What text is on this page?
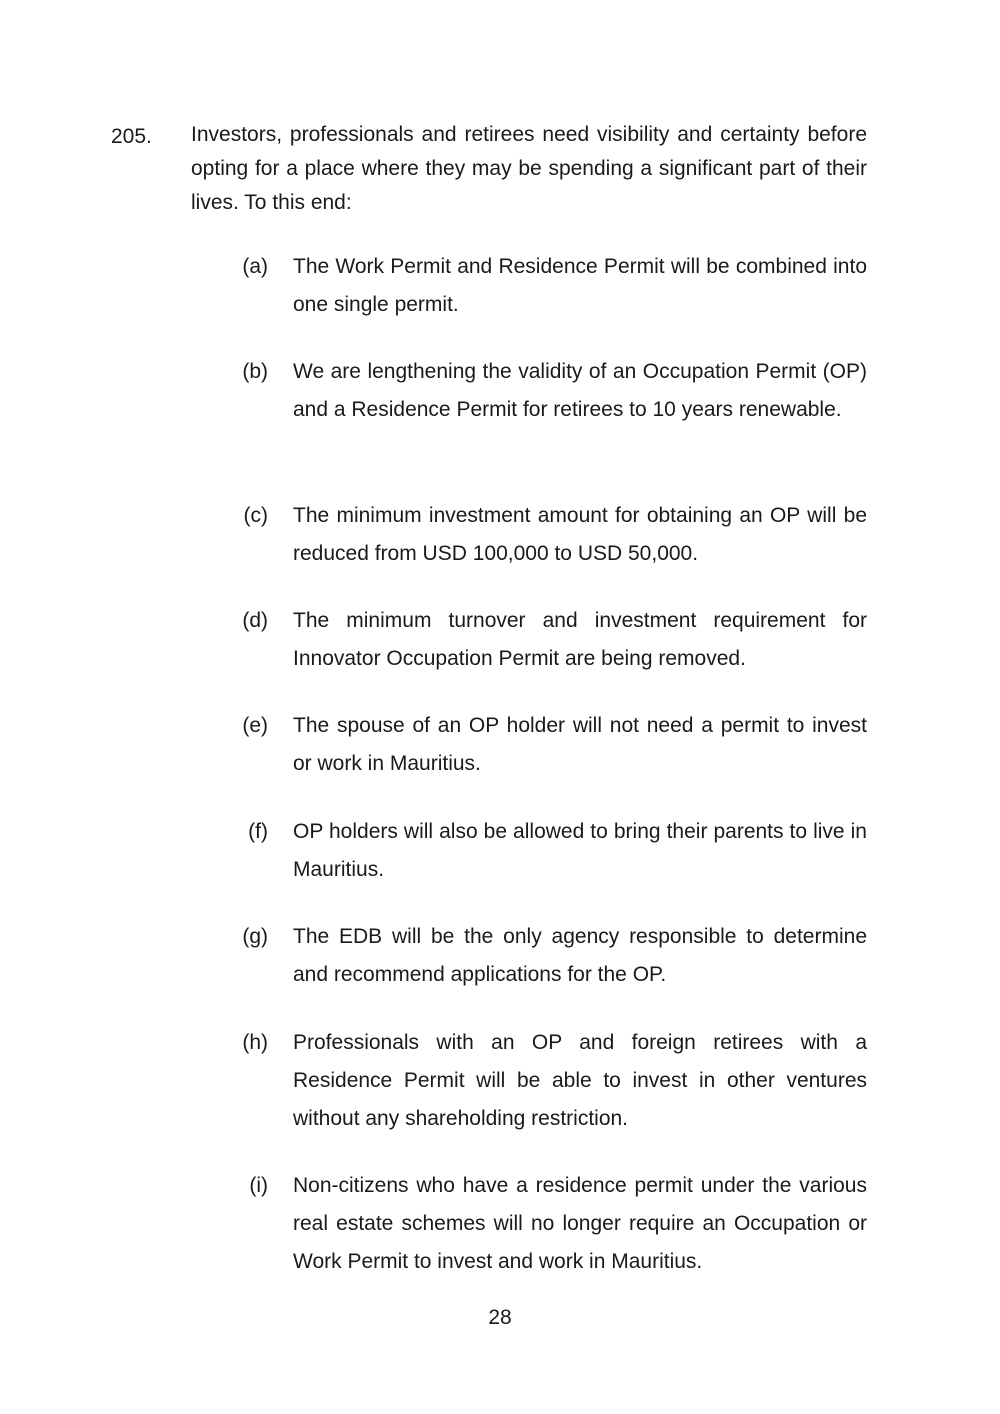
205. Investors, professionals and retirees need visibility and certainty before opting for a place where they may be spending a significant part of their lives. To this end:
(a) The Work Permit and Residence Permit will be combined into one single permit.
(b) We are lengthening the validity of an Occupation Permit (OP) and a Residence Permit for retirees to 10 years renewable.
(c) The minimum investment amount for obtaining an OP will be reduced from USD 100,000 to USD 50,000.
(d) The minimum turnover and investment requirement for Innovator Occupation Permit are being removed.
(e) The spouse of an OP holder will not need a permit to invest or work in Mauritius.
(f) OP holders will also be allowed to bring their parents to live in Mauritius.
(g) The EDB will be the only agency responsible to determine and recommend applications for the OP.
(h) Professionals with an OP and foreign retirees with a Residence Permit will be able to invest in other ventures without any shareholding restriction.
(i) Non-citizens who have a residence permit under the various real estate schemes will no longer require an Occupation or Work Permit to invest and work in Mauritius.
28
